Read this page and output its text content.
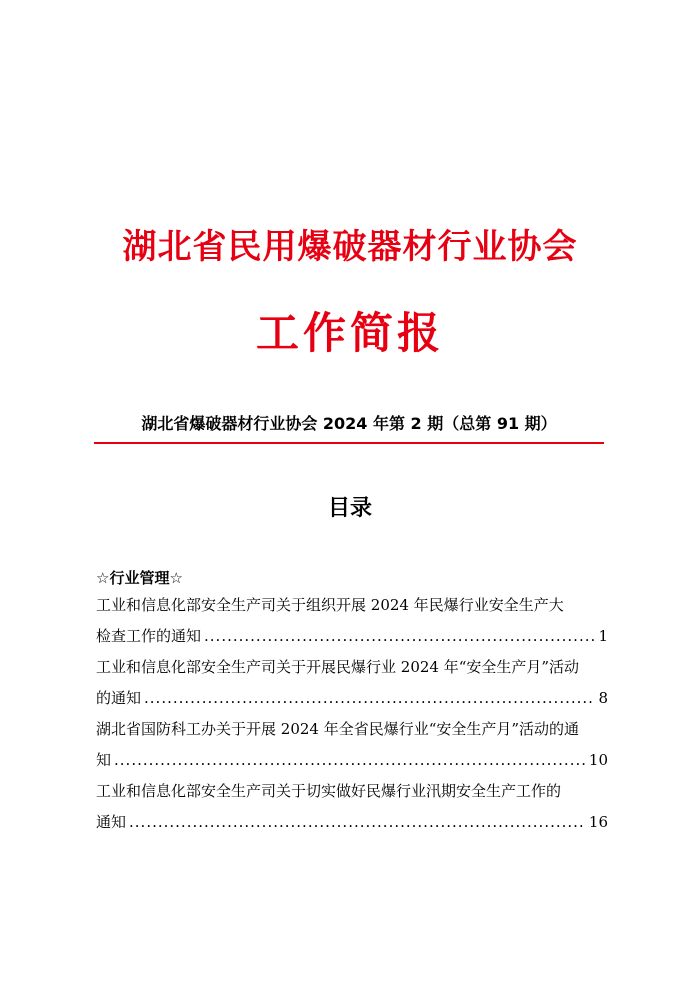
湖北省民用爆破器材行业协会
工作简报
湖北省爆破器材行业协会 2024 年第 2 期（总第 91 期）
目录
☆行业管理☆
工业和信息化部安全生产司关于组织开展 2024 年民爆行业安全生产大
检查工作的通知 .....	1
工业和信息化部安全生产司关于开展民爆行业 2024 年“安全生产月”活动
的通知 .....	8
湖北省国防科工办关于开展 2024 年全省民爆行业“安全生产月”活动的通
知 .....	10
工业和信息化部安全生产司关于切实做好民爆行业汛期安全生产工作的
通知 .....	16
